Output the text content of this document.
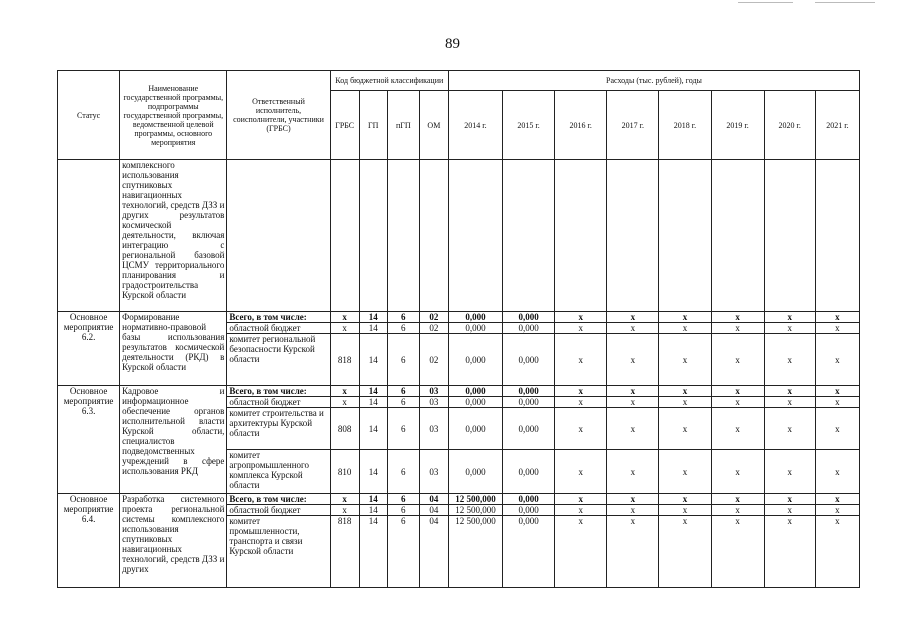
89
Статус	Наименование государственной программы, подпрограммы государственной программы, ведомственной целевой программы, основного мероприятия	Ответственный исполнитель, соисполнители, участники (ГРБС)	Код бюджетной классификации				Расходы (тыс. рублей), годы							
			ГРБС	ГП	пГП	ОМ	2014 г.	2015 г.	2016 г.	2017 г.	2018 г.	2019 г.	2020 г.	2021 г.
	комплексного использования спутниковых навигационных технологий, средств ДЗЗ и других результатов космической деятельности, включая интеграцию с региональной базовой ЦСМУ территориального планирования и градостроительства Курской области													
Основное мероприятие 6.2.	Формирование нормативно-правовой базы использования результатов космической деятельности (РКД) в Курской области	Всего, в том числе:	х	14	6	02	0,000	0,000	х	х	х	х	х	х
		областной бюджет	х	14	6	02	0,000	0,000	х	х	х	х	х	х
		комитет региональной безопасности Курской области	818	14	6	02	0,000	0,000	х	х	х	х	х	х
Основное мероприятие 6.3.	Кадровое и информационное обеспечение органов исполнительной власти Курской области, специалистов подведомственных учреждений в сфере использования РКД	Всего, в том числе:	х	14	6	03	0,000	0,000	х	х	х	х	х	х
		областной бюджет	х	14	6	03	0,000	0,000	х	х	х	х	х	х
		комитет строительства и архитектуры Курской области	808	14	6	03	0,000	0,000	х	х	х	х	х	х
		комитет агропромышленного комплекса Курской области	810	14	6	03	0,000	0,000	х	х	х	х	х	х
Основное мероприятие 6.4.	Разработка системного проекта региональной системы комплексного использования спутниковых навигационных технологий, средств ДЗЗ и других	Всего, в том числе:	х	14	6	04	12 500,000	0,000	х	х	х	х	х	х
		областной бюджет	х	14	6	04	12 500,000	0,000	х	х	х	х	х	х
		комитет промышленности, транспорта и связи Курской области	818	14	6	04	12 500,000	0,000	х	х	х	х	х	х
